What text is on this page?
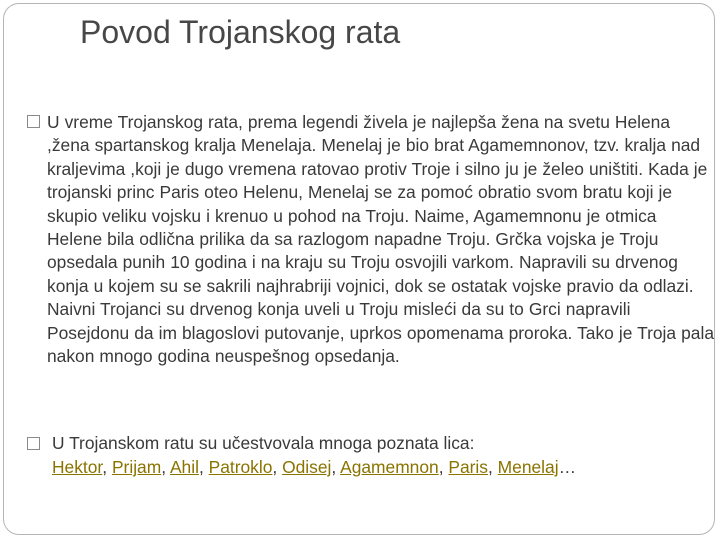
Povod Trojanskog rata
U vreme Trojanskog rata, prema legendi živela je najlepša žena na svetu Helena ,žena spartanskog kralja Menelaja. Menelaj je bio brat Agamemnonov, tzv. kralja nad kraljevima ,koji je dugo vremena ratovao protiv Troje i silno ju je želeo uništiti. Kada je trojanski princ Paris oteo Helenu, Menelaj se za pomoć obratio svom bratu koji je skupio veliku vojsku i krenuo u pohod na Troju. Naime, Agamemnonu je otmica Helene bila odlična prilika da sa razlogom napadne Troju. Grčka vojska je Troju opsedala punih 10 godina i na kraju su Troju osvojili varkom. Napravili su drvenog konja u kojem su se sakrili najhrabriji vojnici, dok se ostatak vojske pravio da odlazi. Naivni Trojanci su drvenog konja uveli u Troju misleći da su to Grci napravili Posejdonu da im blagoslovi putovanje, uprkos opomenama proroka. Tako je Troja pala nakon mnogo godina neuspešnog opsedanja.
U Trojanskom ratu su učestvovala mnoga poznata lica:
Hektor, Prijam, Ahil, Patroklo, Odisej, Agamemnon, Paris, Menelaj…
